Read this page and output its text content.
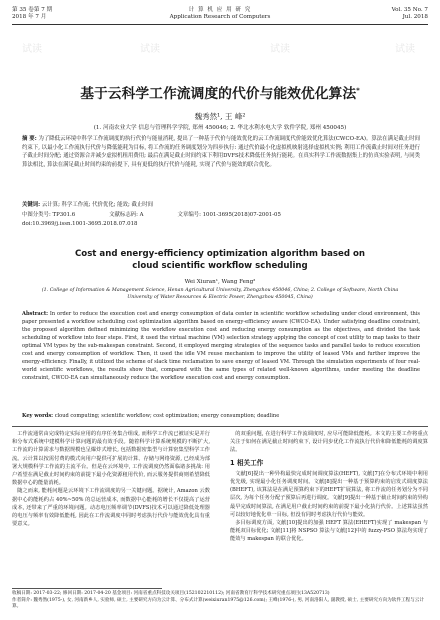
第 35 卷第 7 期
2018 年 7 月
计 算 机 应 用 研 究
Application Research of Computers
Vol. 35 No. 7
Jul. 2018
试读	试读	试读	试读
基于云科学工作流调度的代价与能效优化算法*
魏秀然¹, 王 峰²
(1. 河南农业大学 信息与管理科学学院, 郑州 450046; 2. 华北水利水电大学 软件学院, 郑州 450045)
摘 要: 为了降低云环境中科学工作流调度的执行代价与能量消耗, 提出了一种基于代价与能效优化的云工作流调度代价能效优化算法(CWCO-EA)。算法在满足截止时间约束下, 以最小化工作流执行代价与降低能耗为目标, 将工作流的任务调度划分为四步执行: 通过代价最小化虚拟机映射选择虚拟机实例; 利用工作流截止时间对任务进行子截止时间分配; 通过资源合并减少虚拟机租用费用; 最后在满足截止时间约束下利用DVFS技术降低任务执行能耗。在真实科学工作流数据集上的仿真实验表明, 与同类算法相比, 算法在满足截止时间约束的前提下, 具有更低的执行代价与能耗, 实现了代价与能效的联合优化。
关键词: 云计算; 科学工作流; 代价优化; 能效; 截止时间
中图分类号: TP301.6	文献标志码: A	文章编号: 1001-3695(2018)07-2001-05
doi:10.3969/j.issn.1001-3695.2018.07.018
Cost and energy-efficiency optimization algorithm based on
cloud scientific workflow scheduling
Wei Xiuran¹, Wang Feng²
(1. College of Information & Management Science, Henan Agricultural University, Zhengzhou 450046, China; 2. College of Software, North China University of Water Resources & Electric Power, Zhengzhou 450045, China)
Abstract: In order to reduce the execution cost and energy consumption of data center in scientific workflow scheduling under cloud environment, this paper presented a workflow scheduling cost optimization algorithm based on energy-efficiency aware (CWCO-EA). Under satisfying deadline constraint, the proposed algorithm defined minimizing the workflow execution cost and reducing energy consumption as the objectives, and divided the task scheduling of workflow into four steps. First, it used the virtual machine (VM) selection strategy applying the concept of cost utility to map tasks to their optimal VM types by the sub-makespan constraint. Second, it employed merging strategies of the sequence tasks and parallel tasks to reduce execution cost and energy consumption of workflow. Then, it used the idle VM reuse mechanism to improve the utility of leased VMs and further improve the energy-efficiency. Finally, it utilized the scheme of slack time reclamation to save energy of leased VM. Through the simulation experiments of four real-world scientific workflows, the results show that, compared with the same types of related well-known algorithms, under meeting the deadline constraint, CWCO-EA can simultaneously reduce the workflow execution cost and energy consumption.
Key words: cloud computing; scientific workflow; cost optimization; energy consumption; deadline

工作流通常由完成特定实际应用的有序任务集合组成, 而科学工作流已被证实是并行和分布式系统中建模科学计算问题的最有效手段。随着科学计算系统规模的不断扩大, 工作流的计算需求与数据规模也呈爆炸式增长, 包括数据密集型与计算密集型科学工作流。云计算以按需付费的模式向用户提供可扩展的计算、存储与网络资源, 已经成为部署大规模科学工作流的主流平台。但是在云环境中, 工作流调度仍然面临诸多挑战: 用户希望在满足截止时间约束的前提下最小化资源租用代价, 而云服务提供商则希望降低数据中心的能量消耗。

随之而来, 能耗问题是云环境下工作流调度的另一关键问题。据统计, Amazon 云数据中心的能耗约占 40%~50% 的总运营成本, 而数据中心能耗的增长不仅提高了运营成本, 还带来了严重的环境问题。动态电压频率调节(DVFS)技术可以通过降低处理器的电压与频率有效降低能耗, 因此在工作流调度中同时考虑执行代价与能效优化具有重要意义。

的双重问题, 在进行科学工作流调度时, 应尽可能降低能耗。本文的主要工作将重点关注于如何在满足截止时间约束下, 设计同步优化工作流执行代价和降低能耗的调度算法。

1 相关工作

文献[6]提出一种异构最快完成时间调度算法(HEFT), 文献[7]在分布式环境中利用优先级, 实现最小化任务调度时间。文献[8]提出一种基于预算约束的启发式调度算法(BHEFT), 该算法是在满足预算约束下的HEFT扩展算法, 将工作流的任务划分为不同层次, 为每个任务分配子预算后再进行调度。文献[9]提出一种基于截止时间约束的异构最早完成时间算法, 在满足用户截止时间约束的前提下最小化执行代价。上述算法虽然可以较好地优化单一目标, 但没有同时考虑执行代价与能效。

多目标调度方面, 文献[10]提出的加强 HEFT 算法(EHEFT)实现了 makespan 与能耗双目标优化; 文献[11]将 NSPSO 算法与文献[12]中的 fuzzy-PSO 算法均实现了能效与 makespan 的联合优化。

收稿日期: 2017-03-22; 修回日期: 2017-04-20 基金项目: 河南省重点科技攻关项目(152102210112); 河南省教育厅科学技术研究重点项目(13A520713)
作者简介: 魏秀然(1975-), 女, 河南新乡人, 实验师, 硕士, 主要研究方向为云计算、分布式计算(weixiuran1975@126.com); 王峰(1976-), 男, 河南洛阳人, 副教授, 硕士, 主要研究方向为软件工程与云计算。
